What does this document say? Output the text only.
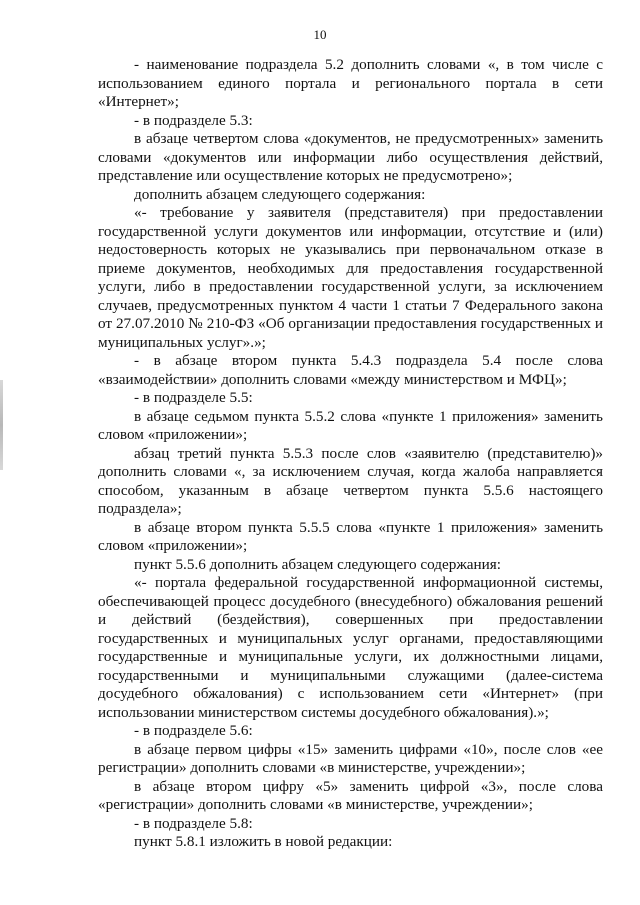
10

- наименование подраздела 5.2 дополнить словами «, в том числе с использованием единого портала и регионального портала в сети «Интернет»;

- в подразделе 5.3:

в абзаце четвертом слова «документов, не предусмотренных» заменить словами «документов или информации либо осуществления действий, представление или осуществление которых не предусмотрено»;

дополнить абзацем следующего содержания:

«- требование у заявителя (представителя) при предоставлении государственной услуги документов или информации, отсутствие и (или) недостоверность которых не указывались при первоначальном отказе в приеме документов, необходимых для предоставления государственной услуги, либо в предоставлении государственной услуги, за исключением случаев, предусмотренных пунктом 4 части 1 статьи 7 Федерального закона от 27.07.2010 № 210-ФЗ «Об организации предоставления государственных и муниципальных услуг».»;

- в абзаце втором пункта 5.4.3 подраздела 5.4 после слова «взаимодействии» дополнить словами «между министерством и МФЦ»;

- в подразделе 5.5:

в абзаце седьмом пункта 5.5.2 слова «пункте 1 приложения» заменить словом «приложении»;

абзац третий пункта 5.5.3 после слов «заявителю (представителю)» дополнить словами «, за исключением случая, когда жалоба направляется способом, указанным в абзаце четвертом пункта 5.5.6 настоящего подраздела»;

в абзаце втором пункта 5.5.5 слова «пункте 1 приложения» заменить словом «приложении»;

пункт 5.5.6 дополнить абзацем следующего содержания:

«- портала федеральной государственной информационной системы, обеспечивающей процесс досудебного (внесудебного) обжалования решений и действий (бездействия), совершенных при предоставлении государственных и муниципальных услуг органами, предоставляющими государственные и муниципальные услуги, их должностными лицами, государственными и муниципальными служащими (далее-система досудебного обжалования) с использованием сети «Интернет» (при использовании министерством системы досудебного обжалования).»;

- в подразделе 5.6:

в абзаце первом цифры «15» заменить цифрами «10», после слов «ее регистрации» дополнить словами «в министерстве, учреждении»;

в абзаце втором цифру «5» заменить цифрой «3», после слова «регистрации» дополнить словами «в министерстве, учреждении»;

- в подразделе 5.8:

пункт 5.8.1 изложить в новой редакции:
